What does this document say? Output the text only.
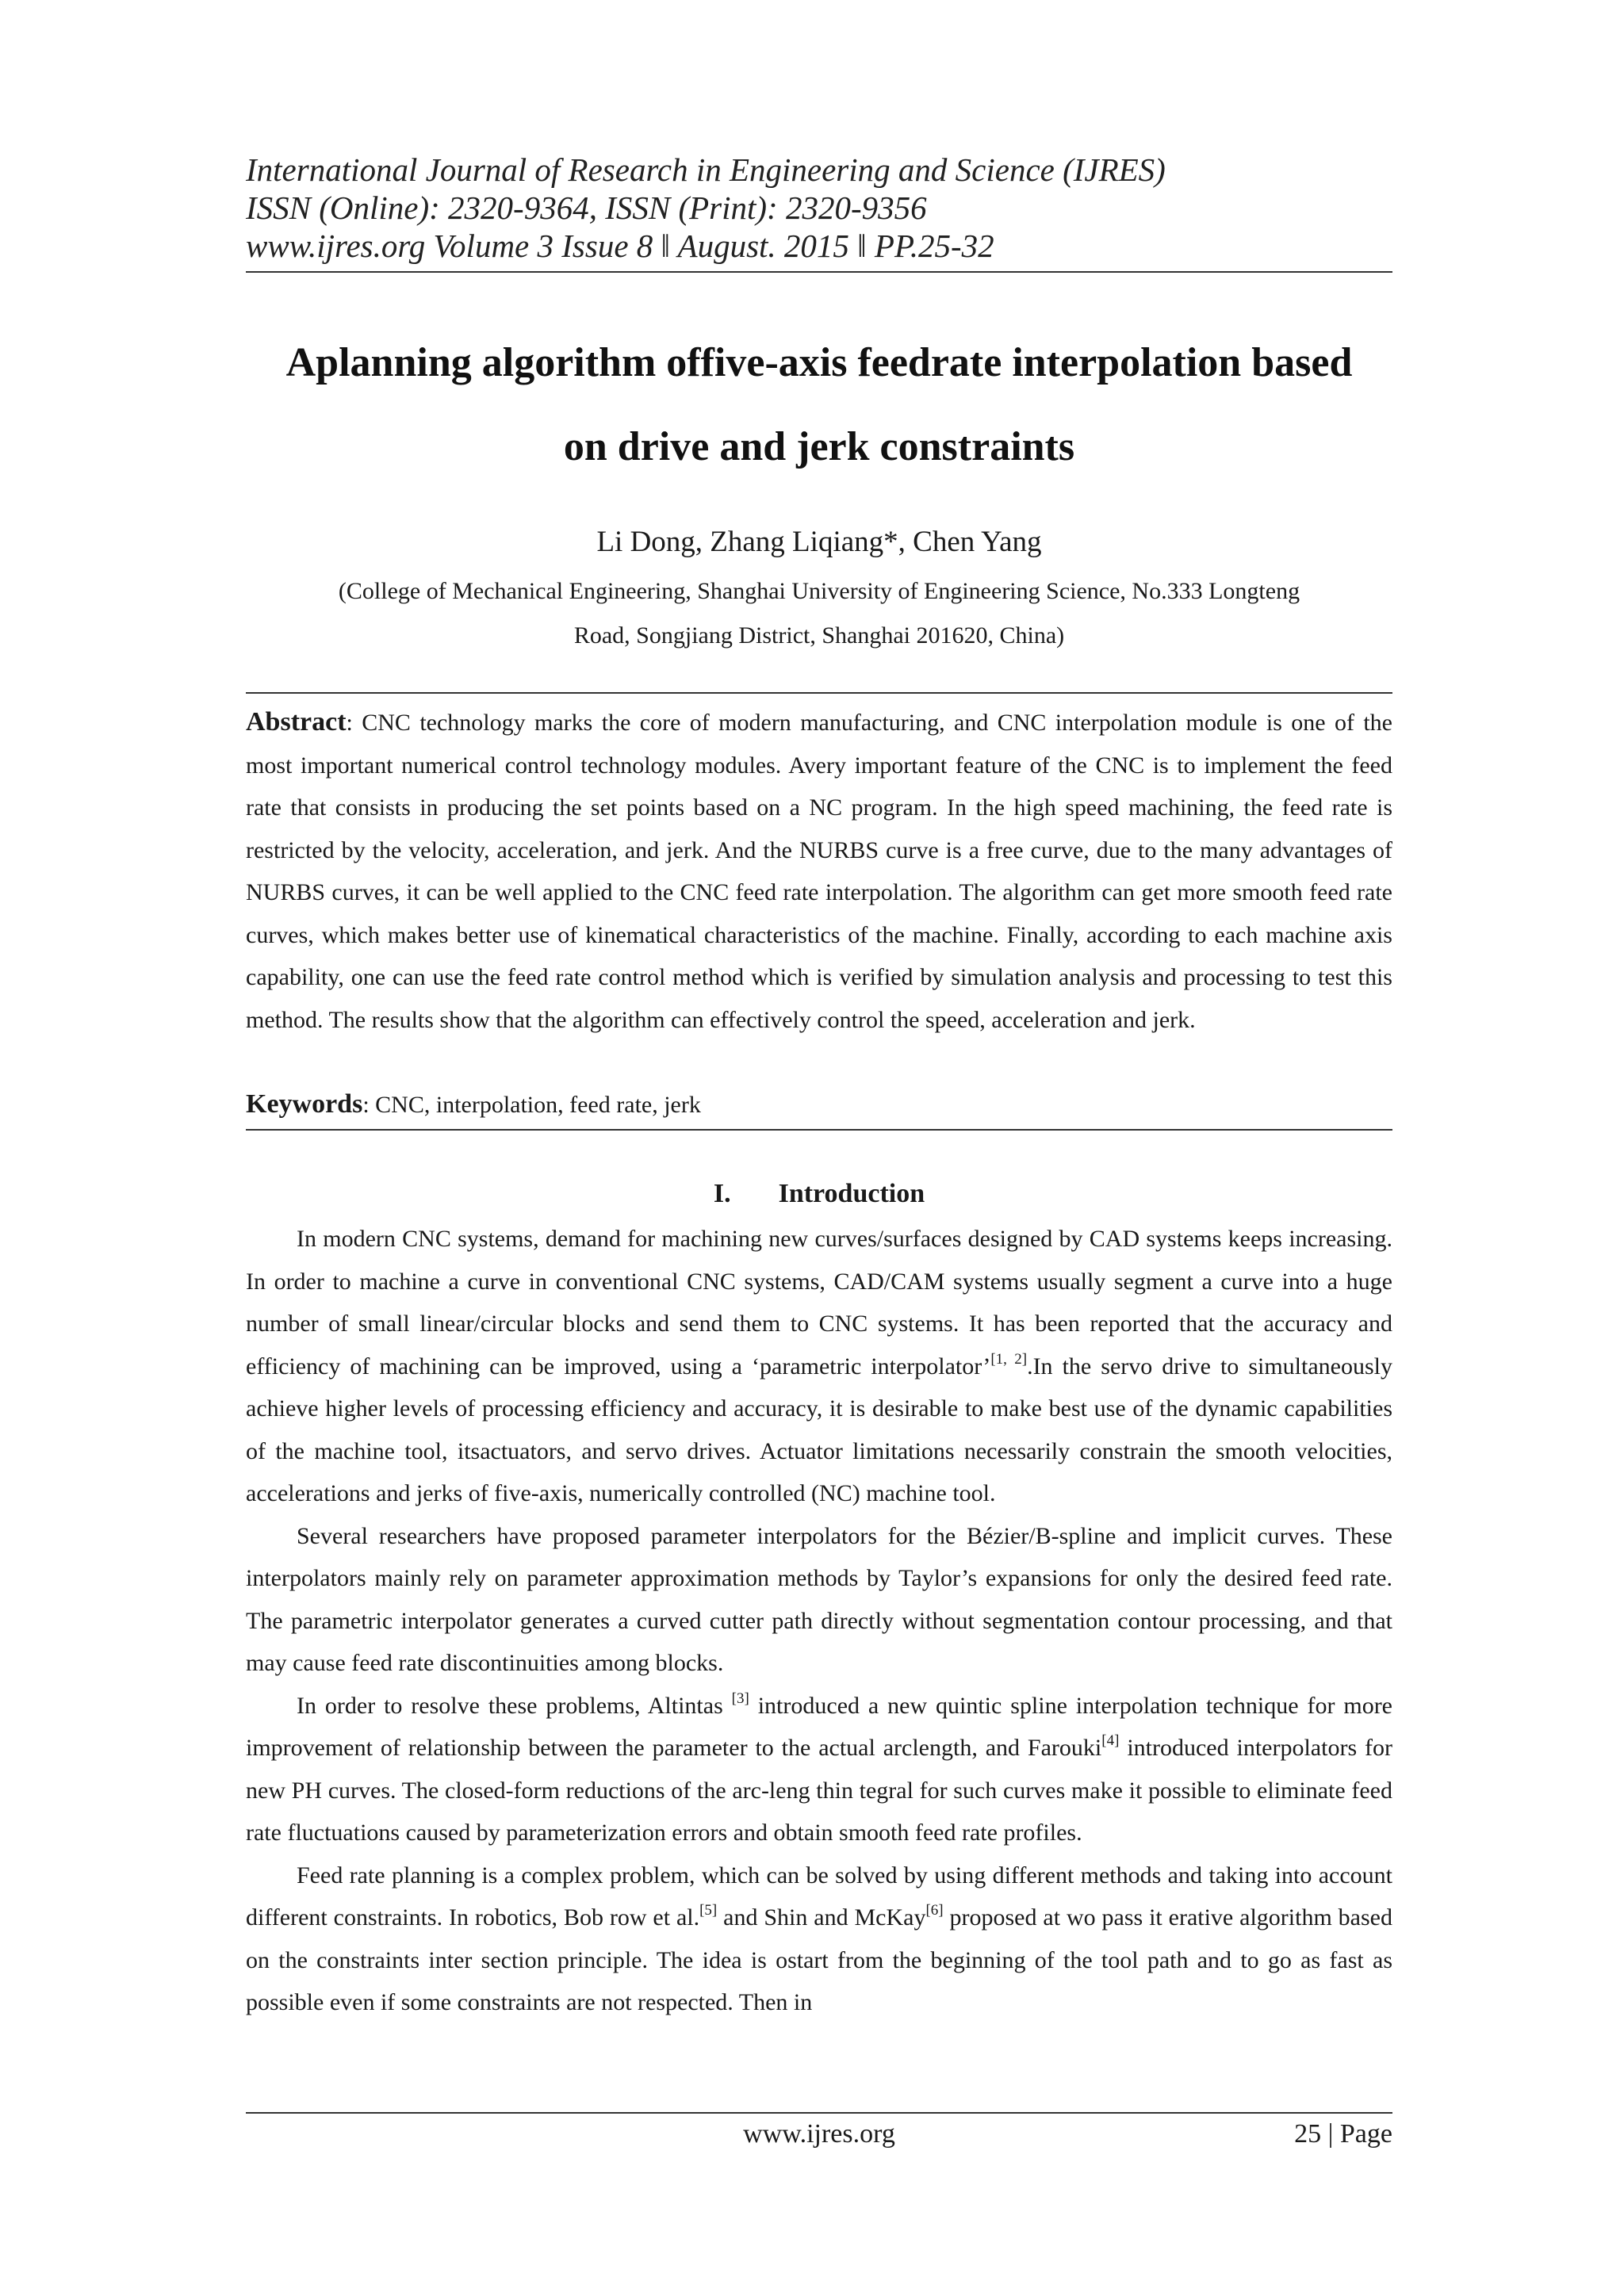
International Journal of Research in Engineering and Science (IJRES)
ISSN (Online): 2320-9364, ISSN (Print): 2320-9356
www.ijres.org Volume 3 Issue 8 ǁ August. 2015 ǁ PP.25-32
Aplanning algorithm offive-axis feedrate interpolation based
on drive and jerk constraints
Li Dong, Zhang Liqiang*, Chen Yang
(College of Mechanical Engineering, Shanghai University of Engineering Science, No.333 Longteng
Road, Songjiang District, Shanghai 201620, China)
Abstract: CNC technology marks the core of modern manufacturing, and CNC interpolation module is one of the most important numerical control technology modules. Avery important feature of the CNC is to implement the feed rate that consists in producing the set points based on a NC program. In the high speed machining, the feed rate is restricted by the velocity, acceleration, and jerk. And the NURBS curve is a free curve, due to the many advantages of NURBS curves, it can be well applied to the CNC feed rate interpolation. The algorithm can get more smooth feed rate curves, which makes better use of kinematical characteristics of the machine. Finally, according to each machine axis capability, one can use the feed rate control method which is verified by simulation analysis and processing to test this method. The results show that the algorithm can effectively control the speed, acceleration and jerk.
Keywords: CNC, interpolation, feed rate, jerk
I. Introduction

In modern CNC systems, demand for machining new curves/surfaces designed by CAD systems keeps increasing. In order to machine a curve in conventional CNC systems, CAD/CAM systems usually segment a curve into a huge number of small linear/circular blocks and send them to CNC systems. It has been reported that the accuracy and efficiency of machining can be improved, using a ‘parametric interpolator’[1, 2].In the servo drive to simultaneously achieve higher levels of processing efficiency and accuracy, it is desirable to make best use of the dynamic capabilities of the machine tool, itsactuators, and servo drives. Actuator limitations necessarily constrain the smooth velocities, accelerations and jerks of five-axis, numerically controlled (NC) machine tool.

Several researchers have proposed parameter interpolators for the Bézier/B-spline and implicit curves. These interpolators mainly rely on parameter approximation methods by Taylor’s expansions for only the desired feed rate. The parametric interpolator generates a curved cutter path directly without segmentation contour processing, and that may cause feed rate discontinuities among blocks.

In order to resolve these problems, Altintas [3] introduced a new quintic spline interpolation technique for more improvement of relationship between the parameter to the actual arclength, and Farouki[4] introduced interpolators for new PH curves. The closed-form reductions of the arc-leng thin tegral for such curves make it possible to eliminate feed rate fluctuations caused by parameterization errors and obtain smooth feed rate profiles.

Feed rate planning is a complex problem, which can be solved by using different methods and taking into account different constraints. In robotics, Bob row et al.[5] and Shin and McKay[6] proposed at wo pass it erative algorithm based on the constraints inter section principle. The idea is ostart from the beginning of the tool path and to go as fast as possible even if some constraints are not respected. Then in

www.ijres.org	25 | Page
